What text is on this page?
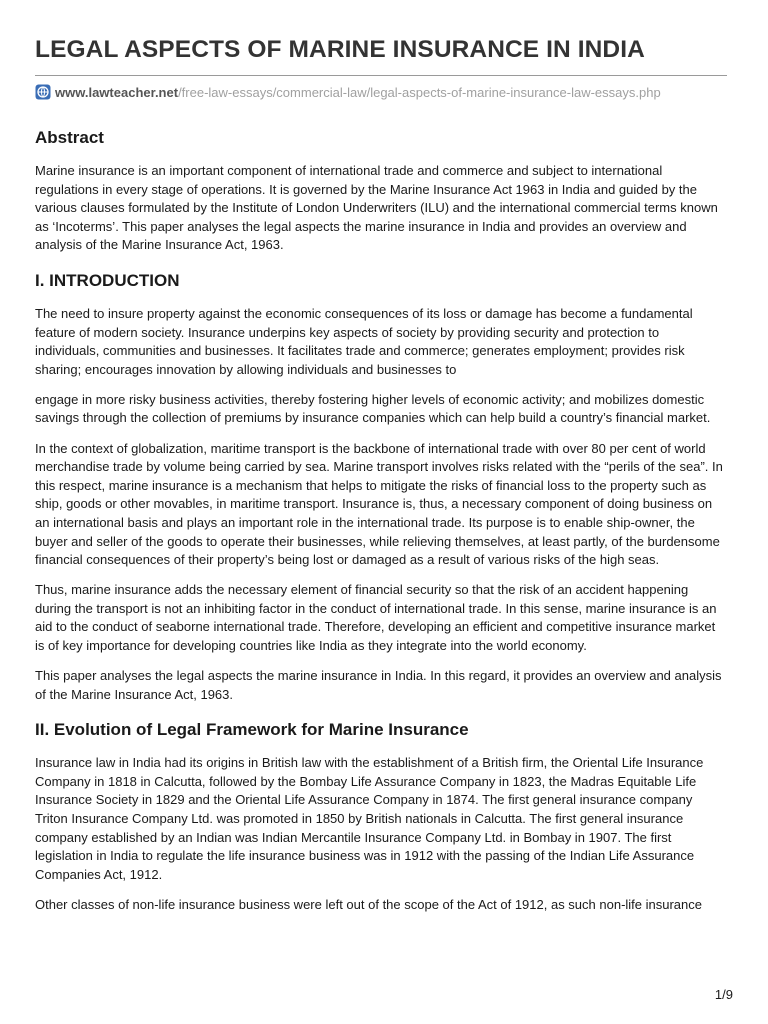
LEGAL ASPECTS OF MARINE INSURANCE IN INDIA
www.lawteacher.net /free-law-essays/commercial-law/legal-aspects-of-marine-insurance-law-essays.php
Abstract

Marine insurance is an important component of international trade and commerce and subject to international regulations in every stage of operations. It is governed by the Marine Insurance Act 1963 in India and guided by the various clauses formulated by the Institute of London Underwriters (ILU) and the international commercial terms known as ‘Incoterms’. This paper analyses the legal aspects the marine insurance in India and provides an overview and analysis of the Marine Insurance Act, 1963.

I. INTRODUCTION

The need to insure property against the economic consequences of its loss or damage has become a fundamental feature of modern society. Insurance underpins key aspects of society by providing security and protection to individuals, communities and businesses. It facilitates trade and commerce; generates employment; provides risk sharing; encourages innovation by allowing individuals and businesses to

engage in more risky business activities, thereby fostering higher levels of economic activity; and mobilizes domestic savings through the collection of premiums by insurance companies which can help build a country’s financial market.

In the context of globalization, maritime transport is the backbone of international trade with over 80 per cent of world merchandise trade by volume being carried by sea. Marine transport involves risks related with the “perils of the sea”. In this respect, marine insurance is a mechanism that helps to mitigate the risks of financial loss to the property such as ship, goods or other movables, in maritime transport. Insurance is, thus, a necessary component of doing business on an international basis and plays an important role in the international trade. Its purpose is to enable ship-owner, the buyer and seller of the goods to operate their businesses, while relieving themselves, at least partly, of the burdensome financial consequences of their property’s being lost or damaged as a result of various risks of the high seas.

Thus, marine insurance adds the necessary element of financial security so that the risk of an accident happening during the transport is not an inhibiting factor in the conduct of international trade. In this sense, marine insurance is an aid to the conduct of seaborne international trade. Therefore, developing an efficient and competitive insurance market is of key importance for developing countries like India as they integrate into the world economy.

This paper analyses the legal aspects the marine insurance in India. In this regard, it provides an overview and analysis of the Marine Insurance Act, 1963.

II. Evolution of Legal Framework for Marine Insurance

Insurance law in India had its origins in British law with the establishment of a British firm, the Oriental Life Insurance Company in 1818 in Calcutta, followed by the Bombay Life Assurance Company in 1823, the Madras Equitable Life Insurance Society in 1829 and the Oriental Life Assurance Company in 1874. The first general insurance company Triton Insurance Company Ltd. was promoted in 1850 by British nationals in Calcutta. The first general insurance company established by an Indian was Indian Mercantile Insurance Company Ltd. in Bombay in 1907. The first legislation in India to regulate the life insurance business was in 1912 with the passing of the Indian Life Assurance Companies Act, 1912.

Other classes of non-life insurance business were left out of the scope of the Act of 1912, as such non-life insurance

1/9
